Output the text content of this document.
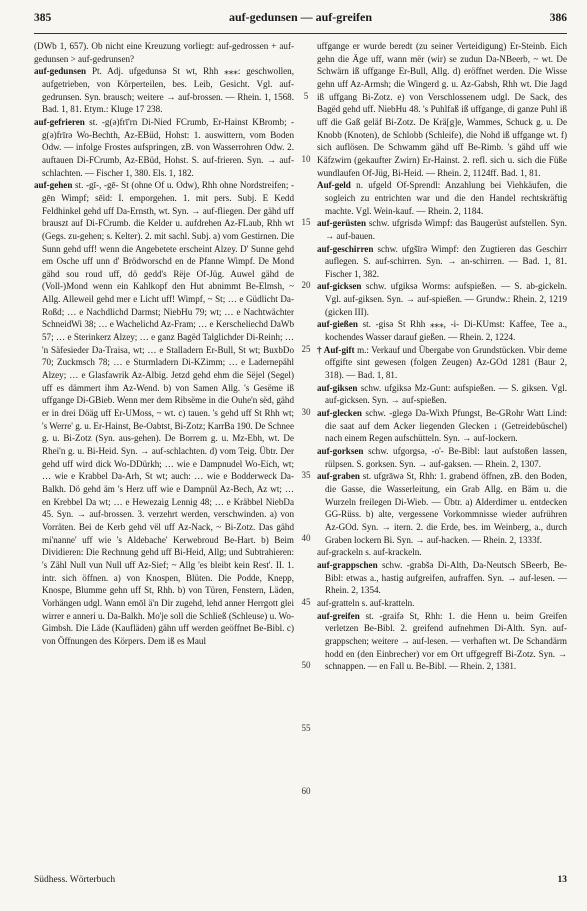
385	auf-gedunsen — auf-greifen	386

(DWb 1, 657). Ob nicht eine Kreuzung vorliegt: auf-gedrossen + auf-gedunsen > auf-gedrunsen?

auf-gedunsen Pt. Adj. ufgedunsə St wt, Rhh ⁎⁎⁎: geschwollen, aufgetrieben, von Körperteilen, bes. Leib, Gesicht. Vgl. auf-gedrunsen. Syn. brausch; weitere → auf-brossen. — Rhein. 1, 1568. Bad. 1, 81. Etym.: Kluge 17 238.

auf-gefrieren st. -g(ə)frī'rn Di-Nied FCrumb, Er-Hainst KBromb; -g(ə)frīrə Wo-Bechth, Az-EBüd, Hohst: 1. auswittern, vom Boden Odw. — infolge Frostes aufspringen, zB. von Wasserrohren Odw. 2. auftauen Di-FCrumb, Az-EBüd, Hohst. S. auf-frieren. Syn. → auf-schlachten. — Fischer 1, 380. Els. 1, 182.

auf-gehen st. -gī-, -gē- St (ohne Of u. Odw), Rhh ohne Nordstreifen; -gēn Wimpf; sēid: I. emporgehen. 1. mit pers. Subj. E Kedd Feldhinkel gehd uff Da-Ernsth, wt. Syn. → auf-fliegen. Der gähd uff brauszt auf Di-FCrumb. die Kelder u. aufdrehen Az-FLaub, Rhh wt (Gegs. zu-gehen; s. Kelter). 2. mit sachl. Subj. a) vom Gestirnen. Die Sunn gehd uff! wenn die Angebetete erscheint Alzey. D' Sunne gehd em Osche uff unn d' Brödworschd en de Pfanne Wimpf. De Mond gähd sou roud uff, dö gedd's Rëje Of-Jüg. Auwel gähd de (Voll-)Mond wenn ein Kahlkopf den Hut abnimmt Be-Elmsh, ~ Allg. Alleweil gehd mer e Licht uff! Wimpf, ~ St; … e Güdlicht Da-Roßd; … e Nachdlichd Darmst; NiebHu 79; wt; … e Nachtwächter SchneidWi 38; … e Wachelichd Az-Fram; … e Kerscheliechd DaWb 57; … e Sterinkerz Alzey; … e ganz Bagëd Talglichder Di-Reinh; … 'n Säfesieder Da-Traisa, wt; … e Stalladern Er-Bull, St wt; BuxbDo 70; Zuckmsch 78; … e Sturmladern Di-KZimm; … e Ladernepähl Alzey; … e Glasfawrik Az-Albig. Jetzd gehd ehm die Sëjel (Segel) uff es dämmert ihm Az-Wend. b) von Samen Allg. 's Gesëme iß uffgange Di-GBieb. Wenn mer dem Ribsëme in die Ouhe'n sëd, gähd er in drei Döäg uff Er-UMoss, ~ wt. c) tauen. 's gehd uff St Rhh wt; 's Werre' g. u. Er-Hainst, Be-Oabtst, Bi-Zotz; KarrBa 190. De Schnee g. u. Bi-Zotz (Syn. aus-gehen). De Borrem g. u. Mz-Ebh, wt. De Rhei'n g. u. Bi-Heid. Syn. → auf-schlachten. d) vom Teig. Übtr. Der gehd uff wird dick Wo-DDürkh; … wie e Dampnudel Wo-Eich, wt; … wie e Krabbel Da-Arh, St wt; auch: … wie e Bodderweck Da-Balkh. Dö gehd äm 's Herz uff wie e Dampnül Az-Bech, Az wt; … en Krebbel Da wt; … e Hewezaig Lennig 48; … e Kräbbel NiebDa 45. Syn. → auf-brossen. 3. verzehrt werden, verschwinden. a) von Vorräten. Bei de Kerb gehd vël uff Az-Nack, ~ Bi-Zotz. Das gähd mi'nanne' uff wie 's Aldebache' Kerwebroud Be-Hart. b) Beim Dividieren: Die Rechnung gehd uff Bi-Heid, Allg; und Subtrahieren: 's Zähl Null vun Null uff Az-Sief; ~ Allg 'es bleibt kein Rest'. II. 1. intr. sich öffnen. a) von Knospen, Blüten. Die Podde, Knepp, Knospe, Blumme gehn uff St, Rhh. b) von Türen, Fenstern, Läden, Vorhängen udgl. Wann emōl ä'n Dir zugehd, lehd anner Herrgott glei wirrer e anneri u. Da-Balkh. Mo'je soll die Schließ (Schleuse) u. Wo-Gimbsh. Die Läde (Kaufläden) gähn uff werden geöffnet Be-Bibl. c) von Öffnungen des Körpers. Dem iß es Maul

5
10
15
20
25
30
35
40
45
50
55
60

uffgange er wurde beredt (zu seiner Verteidigung) Er-Steinb. Eich gehn die Äge uff, wann mër (wir) se zudun Da-NBeerb, ~ wt. De Schwärn iß uffgange Er-Bull, Allg. d) eröffnet werden. Die Wisse gehn uff Az-Armsh; die Wingerd g. u. Az-Gabsh, Rhh wt. Die Jagd iß uffgang Bi-Zotz. e) von Verschlossenem udgl. De Sack, des Bagëd gehd uff. NiebHu 48. 's Puhlfaß iß uffgange, di ganze Puhl iß uff die Gaß geläf Bi-Zotz. De Krä[g]e, Wammes, Schuck g. u. De Knobb (Knoten), de Schlobb (Schleife), die Nohd iß uffgange wt. f) sich auflösen. De Schwamm gähd uff Be-Rimb. 's gähd uff wie Käfzwirn (gekaufter Zwirn) Er-Hainst. 2. refl. sich u. sich die Füße wundlaufen Of-Jüg, Bi-Heid. — Rhein. 2, 1124ff. Bad. 1, 81.

Auf-geld n. ufgeld Of-Sprendl: Anzahlung bei Viehkäufen, die sogleich zu entrichten war und die den Handel rechtskräftig machte. Vgl. Wein-kauf. — Rhein. 2, 1184.

auf-gerüsten schw. ufgrisdə Wimpf: das Baugerüst aufstellen. Syn. → auf-bauen.

auf-geschirren schw. ufgšīrə Wimpf: den Zugtieren das Geschirr auflegen. S. auf-schirren. Syn. → an-schirren. — Bad. 1, 81. Fischer 1, 382.

auf-gicksen schw. ufgiksə Worms: aufspießen. — S. ab-gickeln. Vgl. auf-giksen. Syn. → auf-spießen. — Grundw.: Rhein. 2, 1219 (gicken III).

auf-gießen st. -gisə St Rhh ⁎⁎⁎, -i- Di-KUmst: Kaffee, Tee a., kochendes Wasser darauf gießen. — Rhein. 2, 1224.

† Auf-gift m.: Verkauf und Übergabe von Grundstücken. Vbir deme offgifte sint gewesen (folgen Zeugen) Az-GOd 1281 (Baur 2, 318). — Bad. 1, 81.

auf-giksen schw. ufgiksə Mz-Gunt: aufspießen. — S. giksen. Vgl. auf-gicksen. Syn. → auf-spießen.

auf-glecken schw. -glegə Da-Wixh Pfungst, Be-GRohr Watt Lind: die saat auf dem Acker liegenden Glecken ↓ (Getreidebüschel) nach einem Regen aufschütteln. Syn. → auf-lockern.

auf-gorksen schw. ufgorgsə, -o'- Be-Bibl: laut aufstoßen lassen, rülpsen. S. gorksen. Syn. → auf-gaksen. — Rhein. 2, 1307.

auf-graben st. ufgrāwə St, Rhh: 1. grabend öffnen, zB. den Boden, die Gasse, die Wasserleitung, ein Grab Allg. en Bäm u. die Wurzeln freilegen Di-Wieb. — Übtr. a) Alderdimer u. entdecken GG-Rüss. b) alte, vergessene Vorkommnisse wieder aufrühren Az-GOd. Syn. → itern. 2. die Erde, bes. im Weinberg, a., durch Graben lockern Bi. Syn. → auf-hacken. — Rhein. 2, 1333f.

auf-grackeln s. auf-krackeln.

auf-grappschen schw. -grabšə Di-Alth, Da-Neutsch SBeerb, Be-Bibl: etwas a., hastig aufgreifen, aufraffen. Syn. → auf-lesen. — Rhein. 2, 1354.

auf-gratteln s. auf-kratteln.

auf-greifen st. -graifə St, Rhh: 1. die Henn u. beim Greifen verletzen Be-Bibl. 2. greifend aufnehmen Di-Alth. Syn. auf-grappschen; weitere → auf-lesen. — verhaften wt. De Schandärm hodd en (den Einbrecher) vor em Ort uffgegreff Bi-Zotz. Syn. → schnappen. — en Fall u. Be-Bibl. — Rhein. 2, 1381.

Südhess. Wörterbuch	13
